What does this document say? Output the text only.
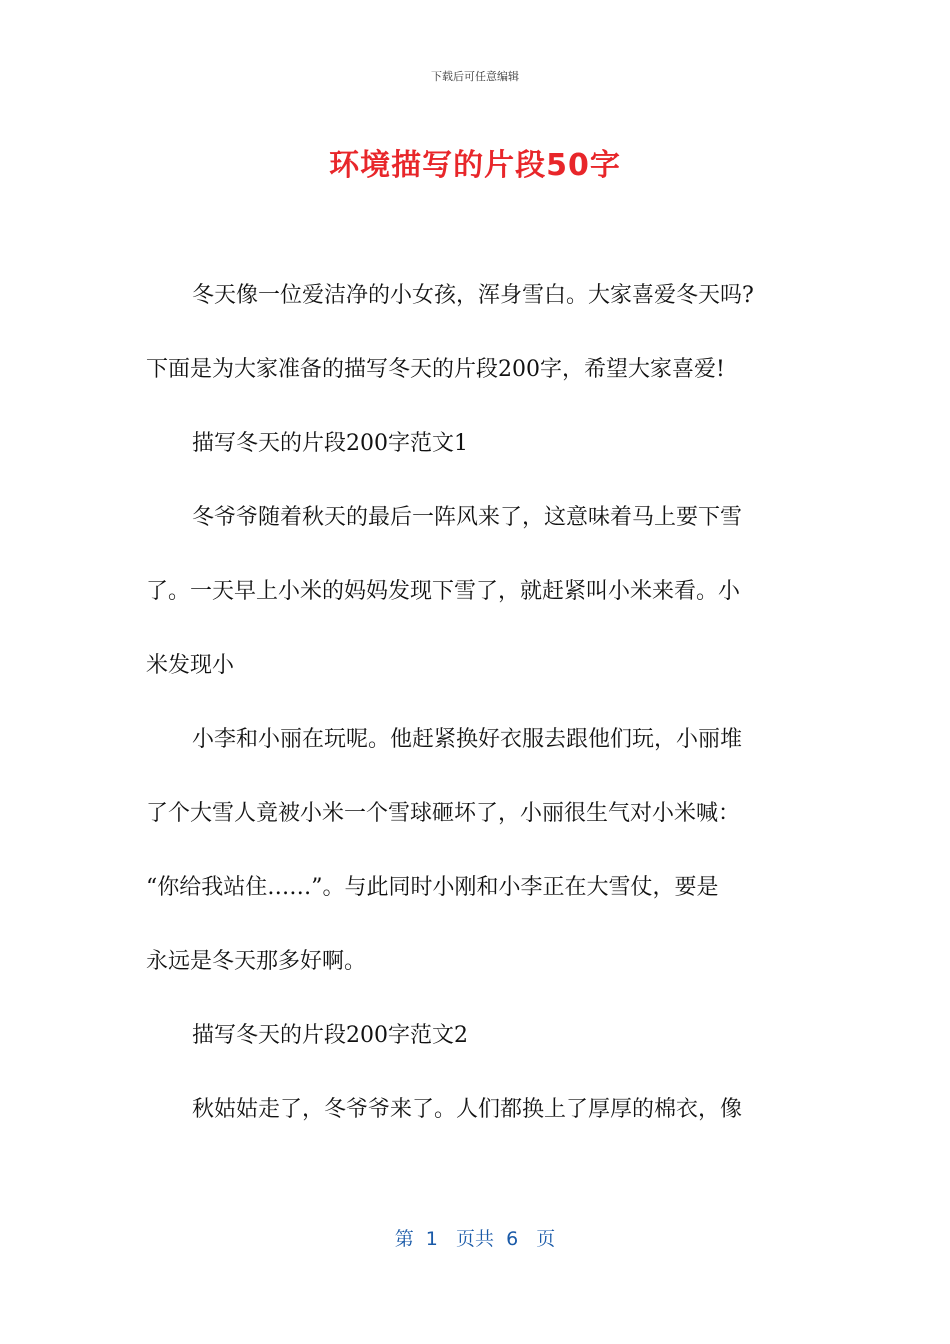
下载后可任意编辑
环境描写的片段50字
冬天像一位爱洁净的小女孩，浑身雪白。大家喜爱冬天吗?
下面是为大家准备的描写冬天的片段200字，希望大家喜爱!
描写冬天的片段200字范文1
冬爷爷随着秋天的最后一阵风来了，这意味着马上要下雪
了。一天早上小米的妈妈发现下雪了，就赶紧叫小米来看。小
米发现小
小李和小丽在玩呢。他赶紧换好衣服去跟他们玩，小丽堆
了个大雪人竟被小米一个雪球砸坏了，小丽很生气对小米喊：
“你给我站住……”。与此同时小刚和小李正在大雪仗，要是
永远是冬天那多好啊。
描写冬天的片段200字范文2
秋姑姑走了，冬爷爷来了。人们都换上了厚厚的棉衣，像
第  1   页共  6   页
